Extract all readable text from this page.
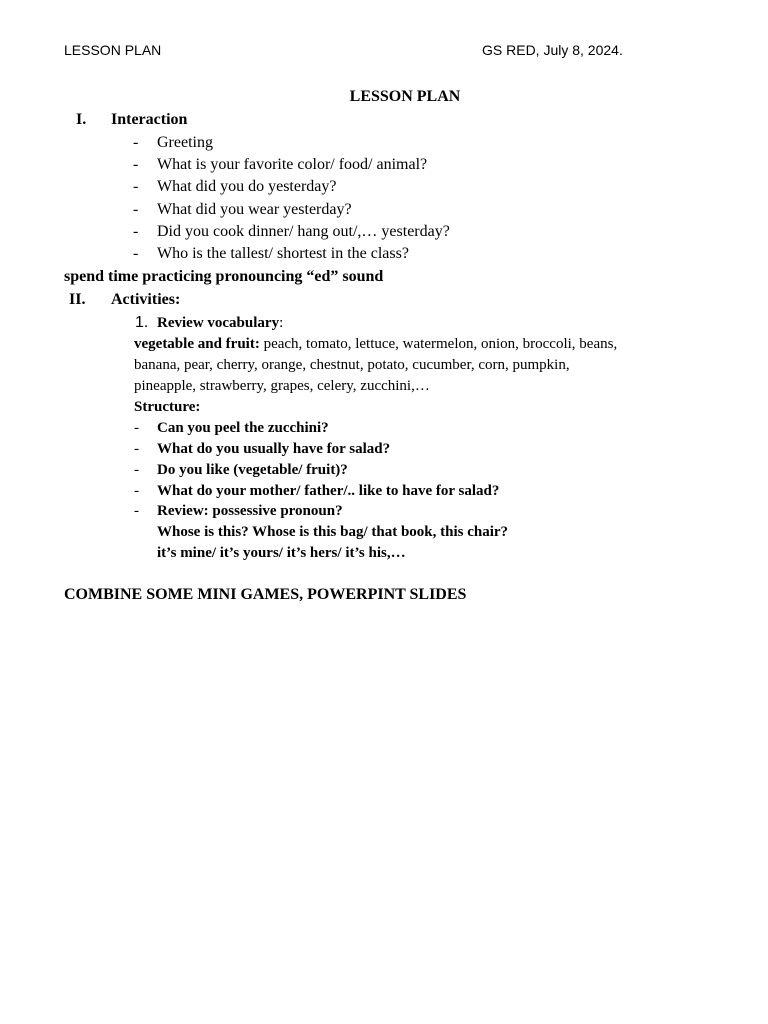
LESSON PLAN	GS RED, July 8, 2024.
LESSON PLAN
I. Interaction
- Greeting
- What is your favorite color/ food/ animal?
- What did you do yesterday?
- What did you wear yesterday?
- Did you cook dinner/ hang out/,… yesterday?
- Who is the tallest/ shortest in the class?
spend time practicing pronouncing “ed” sound
II. Activities:
1. Review vocabulary:
vegetable and fruit: peach, tomato, lettuce, watermelon, onion, broccoli, beans,
banana, pear, cherry, orange, chestnut, potato, cucumber, corn, pumpkin,
pineapple, strawberry, grapes, celery, zucchini,…
Structure:
- Can you peel the zucchini?
- What do you usually have for salad?
- Do you like (vegetable/ fruit)?
- What do your mother/ father/.. like to have for salad?
- Review: possessive pronoun?
Whose is this? Whose is this bag/ that book, this chair?
it’s mine/ it’s yours/ it’s hers/ it’s his,…
COMBINE SOME MINI GAMES, POWERPINT SLIDES
